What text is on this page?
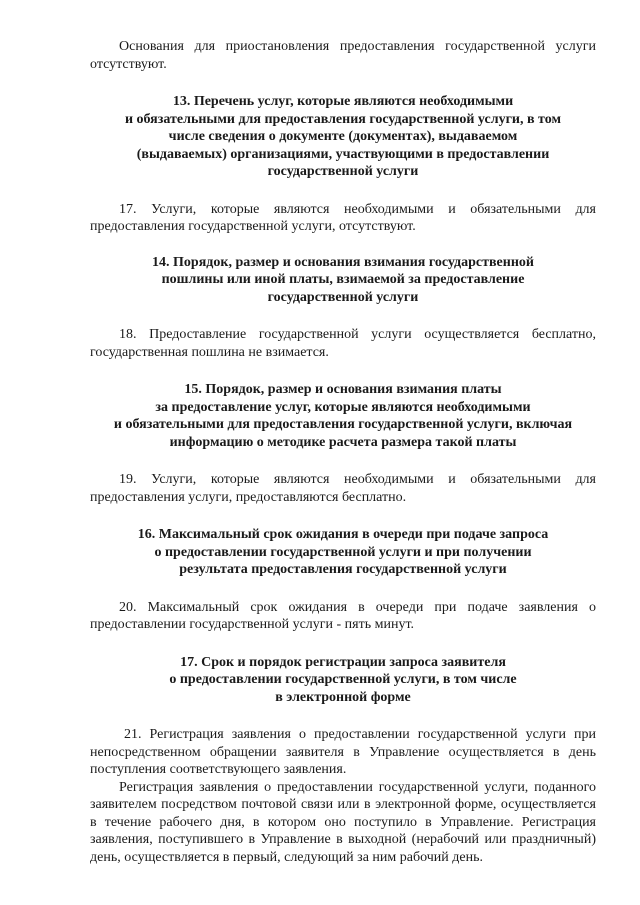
Основания для приостановления предоставления государственной услуги отсутствуют.

13. Перечень услуг, которые являются необходимыми
и обязательными для предоставления государственной услуги, в том
числе сведения о документе (документах), выдаваемом
(выдаваемых) организациями, участвующими в предоставлении
государственной услуги

17. Услуги, которые являются необходимыми и обязательными для предоставления государственной услуги, отсутствуют.

14. Порядок, размер и основания взимания государственной
пошлины или иной платы, взимаемой за предоставление
государственной услуги

18. Предоставление государственной услуги осуществляется бесплатно, государственная пошлина не взимается.

15. Порядок, размер и основания взимания платы
за предоставление услуг, которые являются необходимыми
и обязательными для предоставления государственной услуги, включая
информацию о методике расчета размера такой платы

19. Услуги, которые являются необходимыми и обязательными для предоставления услуги, предоставляются бесплатно.

16. Максимальный срок ожидания в очереди при подаче запроса
о предоставлении государственной услуги и при получении
результата предоставления государственной услуги

20. Максимальный срок ожидания в очереди при подаче заявления о предоставлении государственной услуги - пять минут.

17. Срок и порядок регистрации запроса заявителя
о предоставлении государственной услуги, в том числе
в электронной форме

21. Регистрация заявления о предоставлении государственной услуги при непосредственном обращении заявителя в Управление осуществляется в день поступления соответствующего заявления.

Регистрация заявления о предоставлении государственной услуги, поданного заявителем посредством почтовой связи или в электронной форме, осуществляется в течение рабочего дня, в котором оно поступило в Управление. Регистрация заявления, поступившего в Управление в выходной (нерабочий или праздничный) день, осуществляется в первый, следующий за ним рабочий день.
